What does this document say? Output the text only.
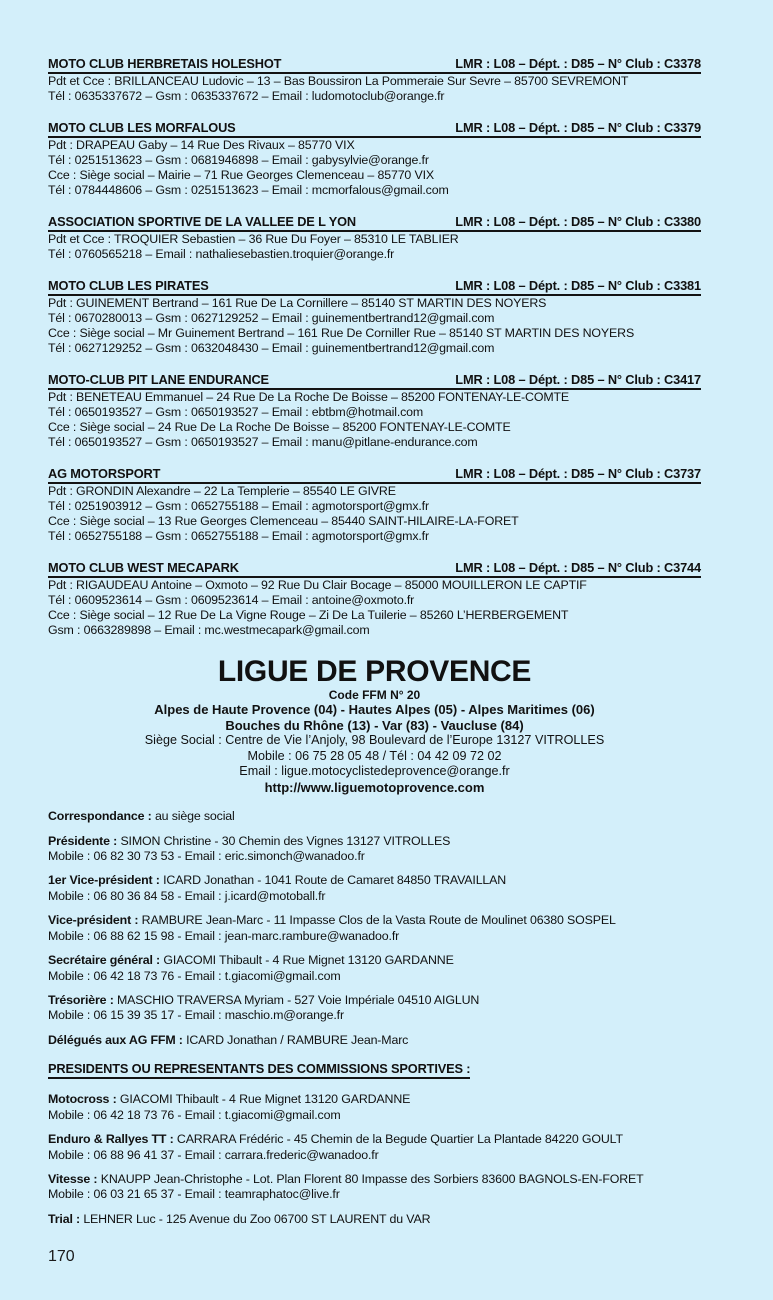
MOTO CLUB HERBRETAIS HOLESHOT	LMR : L08 – Dépt. : D85 – N° Club : C3378
Pdt et Cce : BRILLANCEAU Ludovic – 13 – Bas Boussiron La Pommeraie Sur Sevre – 85700 SEVREMONT
Tél : 0635337672 – Gsm : 0635337672 – Email : ludomotoclub@orange.fr
MOTO CLUB LES MORFALOUS	LMR : L08 – Dépt. : D85 – N° Club : C3379
Pdt : DRAPEAU Gaby – 14 Rue Des Rivaux – 85770 VIX
Tél : 0251513623 – Gsm : 0681946898 – Email : gabysylvie@orange.fr
Cce : Siège social – Mairie – 71 Rue Georges Clemenceau – 85770 VIX
Tél : 0784448606 – Gsm : 0251513623 – Email : mcmorfalous@gmail.com
ASSOCIATION SPORTIVE DE LA VALLEE DE L YON	LMR : L08 – Dépt. : D85 – N° Club : C3380
Pdt et Cce : TROQUIER Sebastien – 36 Rue Du Foyer – 85310 LE TABLIER
Tél : 0760565218 – Email : nathaliesebastien.troquier@orange.fr
MOTO CLUB LES PIRATES	LMR : L08 – Dépt. : D85 – N° Club : C3381
Pdt : GUINEMENT Bertrand – 161 Rue De La Cornillere – 85140 ST MARTIN DES NOYERS
Tél : 0670280013 – Gsm : 0627129252 – Email : guinementbertrand12@gmail.com
Cce : Siège social – Mr Guinement Bertrand – 161 Rue De Corniller Rue – 85140 ST MARTIN DES NOYERS
Tél : 0627129252 – Gsm : 0632048430 – Email : guinementbertrand12@gmail.com
MOTO-CLUB PIT LANE ENDURANCE	LMR : L08 – Dépt. : D85 – N° Club : C3417
Pdt : BENETEAU Emmanuel – 24 Rue De La Roche De Boisse – 85200 FONTENAY-LE-COMTE
Tél : 0650193527 – Gsm : 0650193527 – Email : ebtbm@hotmail.com
Cce : Siège social – 24 Rue De La Roche De Boisse – 85200 FONTENAY-LE-COMTE
Tél : 0650193527 – Gsm : 0650193527 – Email : manu@pitlane-endurance.com
AG MOTORSPORT	LMR : L08 – Dépt. : D85 – N° Club : C3737
Pdt : GRONDIN Alexandre – 22 La Templerie – 85540 LE GIVRE
Tél : 0251903912 – Gsm : 0652755188 – Email : agmotorsport@gmx.fr
Cce : Siège social – 13 Rue Georges Clemenceau – 85440 SAINT-HILAIRE-LA-FORET
Tél : 0652755188 – Gsm : 0652755188 – Email : agmotorsport@gmx.fr
MOTO CLUB WEST MECAPARK	LMR : L08 – Dépt. : D85 – N° Club : C3744
Pdt : RIGAUDEAU Antoine – Oxmoto – 92 Rue Du Clair Bocage – 85000 MOUILLERON LE CAPTIF
Tél : 0609523614 – Gsm : 0609523614 – Email : antoine@oxmoto.fr
Cce : Siège social – 12 Rue De La Vigne Rouge – Zi De La Tuilerie – 85260 L’HERBERGEMENT
Gsm : 0663289898 – Email : mc.westmecapark@gmail.com
LIGUE DE PROVENCE
Code FFM N° 20
Alpes de Haute Provence (04) - Hautes Alpes (05) - Alpes Maritimes (06)
Bouches du Rhône (13) - Var (83) - Vaucluse (84)
Siège Social : Centre de Vie l’Anjoly, 98 Boulevard de l’Europe 13127 VITROLLES
Mobile : 06 75 28 05 48 / Tél : 04 42 09 72 02
Email : ligue.motocyclistedeprovence@orange.fr
http://www.liguemotoprovence.com

Correspondance : au siège social

Présidente : SIMON Christine - 30 Chemin des Vignes 13127 VITROLLES
Mobile : 06 82 30 73 53 - Email : eric.simonch@wanadoo.fr

1er Vice-président : ICARD Jonathan - 1041 Route de Camaret 84850 TRAVAILLAN
Mobile : 06 80 36 84 58 - Email : j.icard@motoball.fr

Vice-président : RAMBURE Jean-Marc - 11 Impasse Clos de la Vasta Route de Moulinet 06380 SOSPEL
Mobile : 06 88 62 15 98 - Email : jean-marc.rambure@wanadoo.fr

Secrétaire général : GIACOMI Thibault - 4 Rue Mignet 13120 GARDANNE
Mobile : 06 42 18 73 76 - Email : t.giacomi@gmail.com

Trésorière : MASCHIO TRAVERSA Myriam - 527 Voie Impériale 04510 AIGLUN
Mobile : 06 15 39 35 17 - Email : maschio.m@orange.fr

Délégués aux AG FFM : ICARD Jonathan / RAMBURE Jean-Marc

PRESIDENTS OU REPRESENTANTS DES COMMISSIONS SPORTIVES :

Motocross : GIACOMI Thibault - 4 Rue Mignet 13120 GARDANNE
Mobile : 06 42 18 73 76 - Email : t.giacomi@gmail.com

Enduro & Rallyes TT : CARRARA Frédéric - 45 Chemin de la Begude Quartier La Plantade 84220 GOULT
Mobile : 06 88 96 41 37 - Email : carrara.frederic@wanadoo.fr

Vitesse : KNAUPP Jean-Christophe - Lot. Plan Florent 80 Impasse des Sorbiers 83600 BAGNOLS-EN-FORET
Mobile : 06 03 21 65 37 - Email : teamraphatoc@live.fr

Trial : LEHNER Luc - 125 Avenue du Zoo 06700 ST LAURENT du VAR

170
